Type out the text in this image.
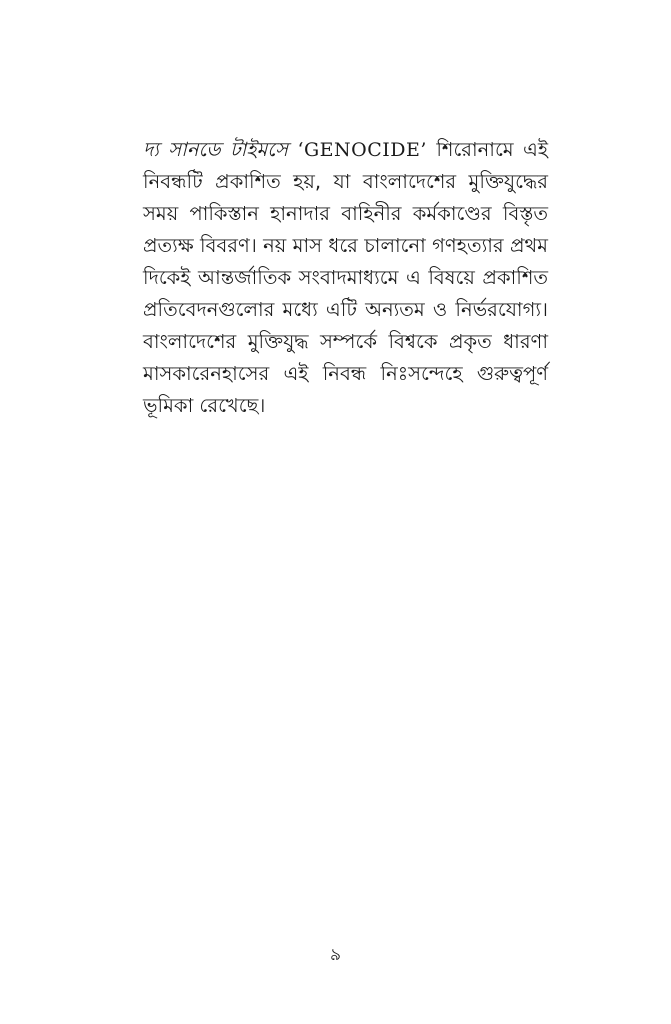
দ্য সানডে টাইমসে ‘GENOCIDE’ শিরোনামে এই
নিবন্ধটি প্রকাশিত হয়, যা বাংলাদেশের মুক্তিযুদ্ধের
সময় পাকিস্তান হানাদার বাহিনীর কর্মকাণ্ডের বিস্তৃত
প্রত্যক্ষ বিবরণ। নয় মাস ধরে চালানো গণহত্যার প্রথম
দিকেই আন্তর্জাতিক সংবাদমাধ্যমে এ বিষয়ে প্রকাশিত
প্রতিবেদনগুলোর মধ্যে এটি অন্যতম ও নির্ভরযোগ্য।
বাংলাদেশের মুক্তিযুদ্ধ সম্পর্কে বিশ্বকে প্রকৃত ধারণা
মাসকারেনহাসের এই নিবন্ধ নিঃসন্দেহে গুরুত্বপূর্ণ
ভূমিকা রেখেছে।

৯
